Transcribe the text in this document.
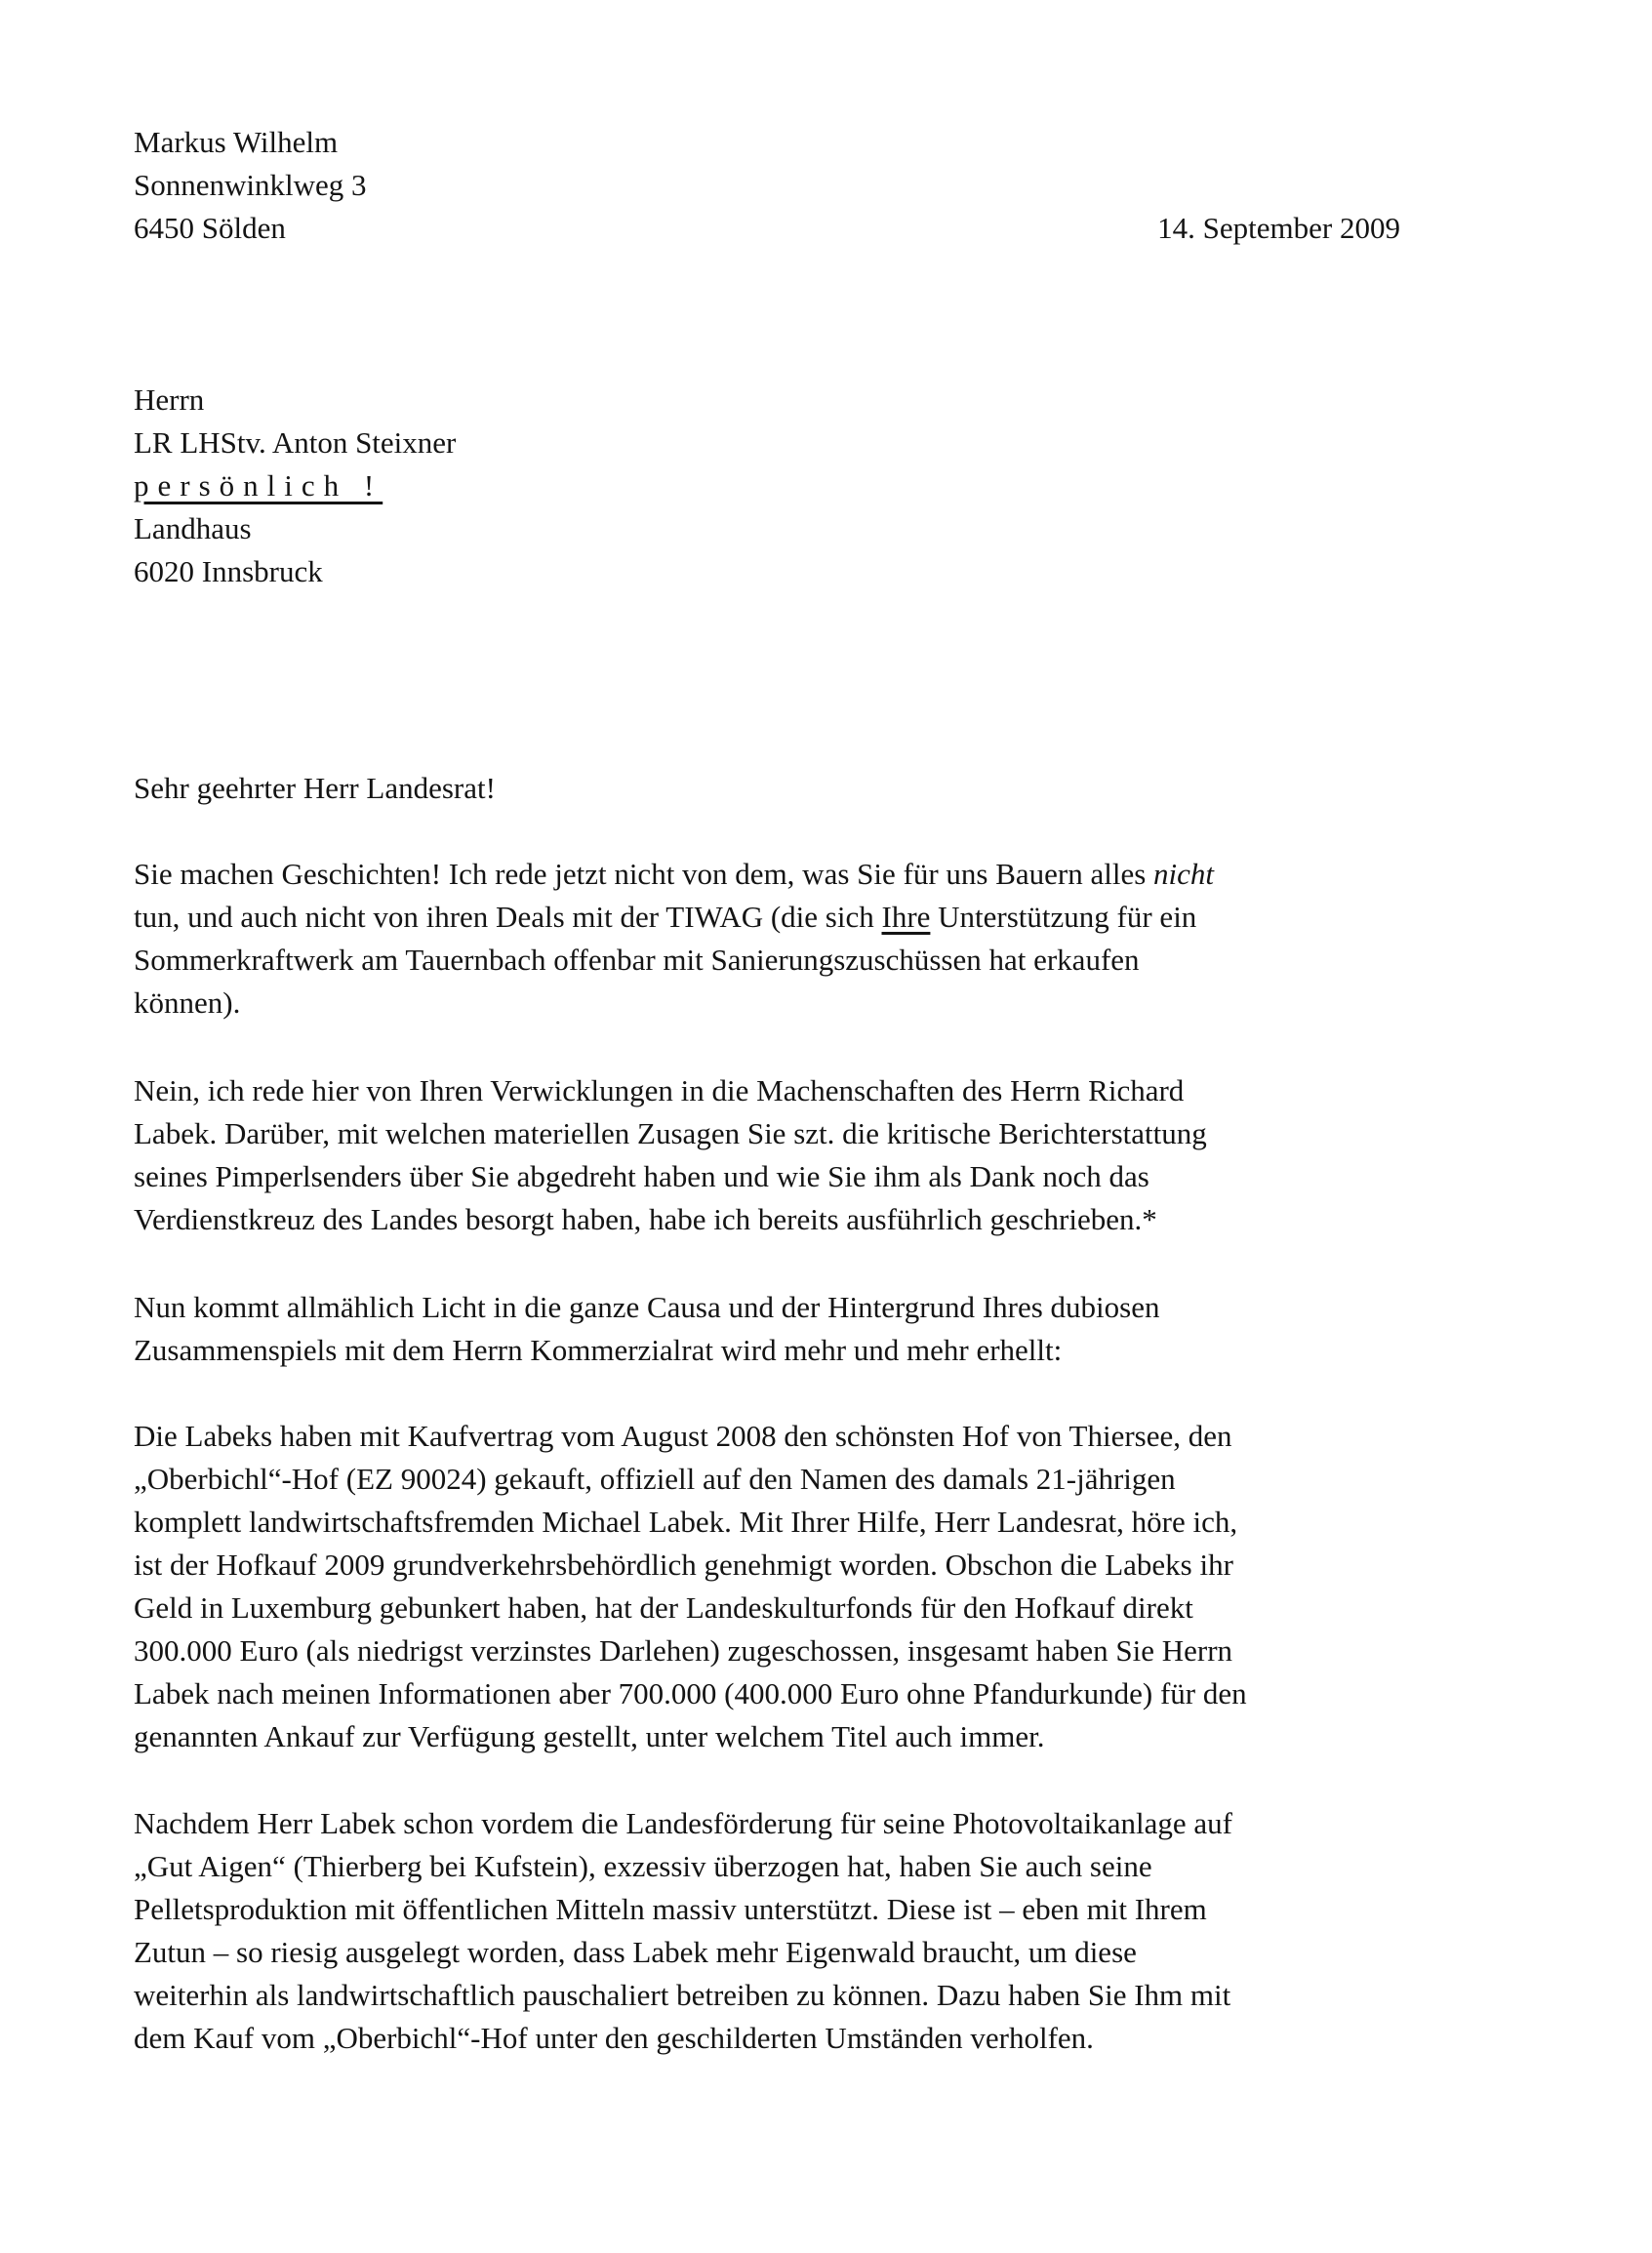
Markus Wilhelm
Sonnenwinklweg 3
6450 Sölden	14. September 2009
Herrn
LR LHStv. Anton Steixner
persönlich !
Landhaus
6020 Innsbruck
Sehr geehrter Herr Landesrat!
Sie machen Geschichten! Ich rede jetzt nicht von dem, was Sie für uns Bauern alles nicht
tun, und auch nicht von ihren Deals mit der TIWAG (die sich Ihre Unterstützung für ein
Sommerkraftwerk am Tauernbach offenbar mit Sanierungszuschüssen hat erkaufen
können).
Nein, ich rede hier von Ihren Verwicklungen in die Machenschaften des Herrn Richard
Labek. Darüber, mit welchen materiellen Zusagen Sie szt. die kritische Berichterstattung
seines Pimperlsenders über Sie abgedreht haben und wie Sie ihm als Dank noch das
Verdienstkreuz des Landes besorgt haben, habe ich bereits ausführlich geschrieben.*
Nun kommt allmählich Licht in die ganze Causa und der Hintergrund Ihres dubiosen
Zusammenspiels mit dem Herrn Kommerzialrat wird mehr und mehr erhellt:
Die Labeks haben mit Kaufvertrag vom August 2008 den schönsten Hof von Thiersee, den
„Oberbichl“-Hof (EZ 90024) gekauft, offiziell auf den Namen des damals 21-jährigen
komplett landwirtschaftsfremden Michael Labek. Mit Ihrer Hilfe, Herr Landesrat, höre ich,
ist der Hofkauf 2009 grundverkehrsbehördlich genehmigt worden. Obschon die Labeks ihr
Geld in Luxemburg gebunkert haben, hat der Landeskulturfonds für den Hofkauf direkt
300.000 Euro (als niedrigst verzinstes Darlehen) zugeschossen, insgesamt haben Sie Herrn
Labek nach meinen Informationen aber 700.000 (400.000 Euro ohne Pfandurkunde) für den
genannten Ankauf zur Verfügung gestellt, unter welchem Titel auch immer.
Nachdem Herr Labek schon vordem die Landesförderung für seine Photovoltaikanlage auf
„Gut Aigen“ (Thierberg bei Kufstein), exzessiv überzogen hat, haben Sie auch seine
Pelletsproduktion mit öffentlichen Mitteln massiv unterstützt. Diese ist – eben mit Ihrem
Zutun – so riesig ausgelegt worden, dass Labek mehr Eigenwald braucht, um diese
weiterhin als landwirtschaftlich pauschaliert betreiben zu können. Dazu haben Sie Ihm mit
dem Kauf vom „Oberbichl“-Hof unter den geschilderten Umständen verholfen.
